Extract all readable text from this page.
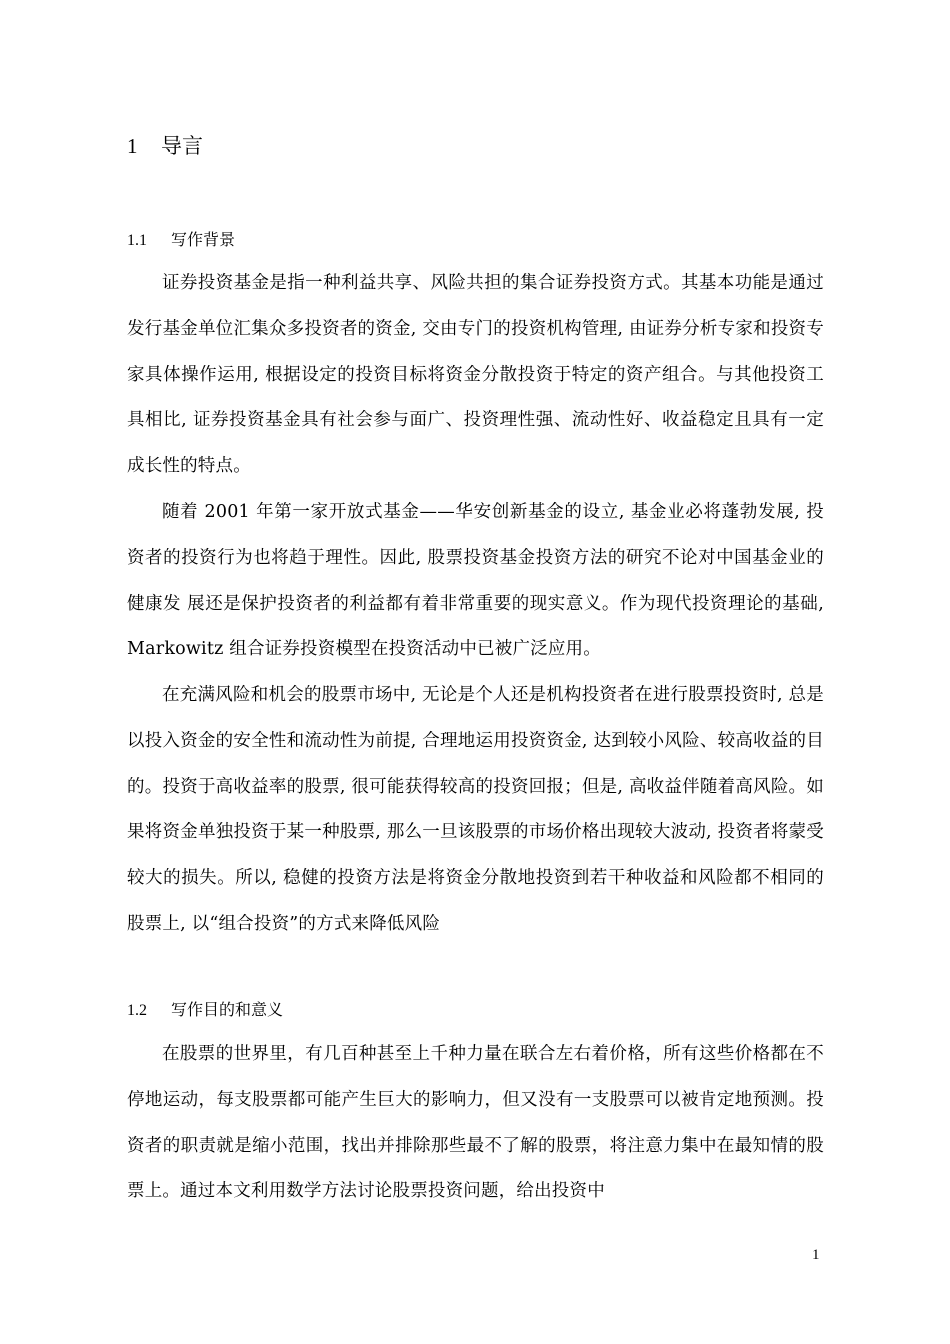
1 导言
1.1 写作背景

证券投资基金是指一种利益共享、风险共担的集合证券投资方式。其基本功能是通过发行基金单位汇集众多投资者的资金, 交由专门的投资机构管理, 由证券分析专家和投资专家具体操作运用, 根据设定的投资目标将资金分散投资于特定的资产组合。与其他投资工具相比, 证券投资基金具有社会参与面广、投资理性强、流动性好、收益稳定且具有一定成长性的特点。

随着 2001 年第一家开放式基金——华安创新基金的设立, 基金业必将蓬勃发展, 投资者的投资行为也将趋于理性。因此, 股票投资基金投资方法的研究不论对中国基金业的健康发 展还是保护投资者的利益都有着非常重要的现实意义。作为现代投资理论的基础, Markowitz 组合证券投资模型在投资活动中已被广泛应用。

在充满风险和机会的股票市场中, 无论是个人还是机构投资者在进行股票投资时, 总是以投入资金的安全性和流动性为前提, 合理地运用投资资金, 达到较小风险、较高收益的目的。投资于高收益率的股票, 很可能获得较高的投资回报；但是, 高收益伴随着高风险。如果将资金单独投资于某一种股票, 那么一旦该股票的市场价格出现较大波动, 投资者将蒙受较大的损失。所以, 稳健的投资方法是将资金分散地投资到若干种收益和风险都不相同的股票上, 以“组合投资”的方式来降低风险

1.2 写作目的和意义

在股票的世界里，有几百种甚至上千种力量在联合左右着价格，所有这些价格都在不停地运动，每支股票都可能产生巨大的影响力，但又没有一支股票可以被肯定地预测。投资者的职责就是缩小范围，找出并排除那些最不了解的股票，将注意力集中在最知情的股票上。通过本文利用数学方法讨论股票投资问题，给出投资中

1
